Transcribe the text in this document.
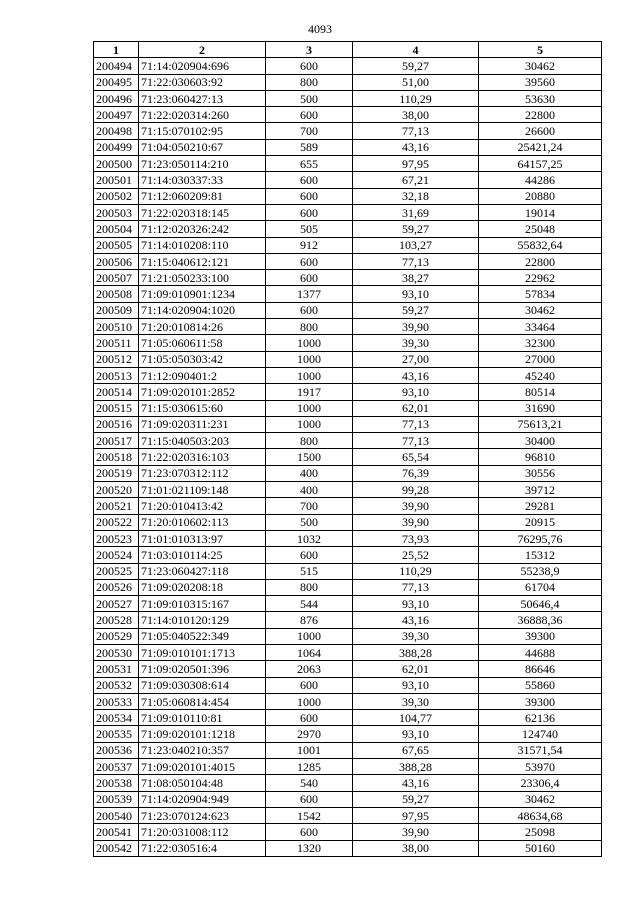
4093
1	2	3	4	5
200494	71:14:020904:696	600	59,27	30462
200495	71:22:030603:92	800	51,00	39560
200496	71:23:060427:13	500	110,29	53630
200497	71:22:020314:260	600	38,00	22800
200498	71:15:070102:95	700	77,13	26600
200499	71:04:050210:67	589	43,16	25421,24
200500	71:23:050114:210	655	97,95	64157,25
200501	71:14:030337:33	600	67,21	44286
200502	71:12:060209:81	600	32,18	20880
200503	71:22:020318:145	600	31,69	19014
200504	71:12:020326:242	505	59,27	25048
200505	71:14:010208:110	912	103,27	55832,64
200506	71:15:040612:121	600	77,13	22800
200507	71:21:050233:100	600	38,27	22962
200508	71:09:010901:1234	1377	93,10	57834
200509	71:14:020904:1020	600	59,27	30462
200510	71:20:010814:26	800	39,90	33464
200511	71:05:060611:58	1000	39,30	32300
200512	71:05:050303:42	1000	27,00	27000
200513	71:12:090401:2	1000	43,16	45240
200514	71:09:020101:2852	1917	93,10	80514
200515	71:15:030615:60	1000	62,01	31690
200516	71:09:020311:231	1000	77,13	75613,21
200517	71:15:040503:203	800	77,13	30400
200518	71:22:020316:103	1500	65,54	96810
200519	71:23:070312:112	400	76,39	30556
200520	71:01:021109:148	400	99,28	39712
200521	71:20:010413:42	700	39,90	29281
200522	71:20:010602:113	500	39,90	20915
200523	71:01:010313:97	1032	73,93	76295,76
200524	71:03:010114:25	600	25,52	15312
200525	71:23:060427:118	515	110,29	55238,9
200526	71:09:020208:18	800	77,13	61704
200527	71:09:010315:167	544	93,10	50646,4
200528	71:14:010120:129	876	43,16	36888,36
200529	71:05:040522:349	1000	39,30	39300
200530	71:09:010101:1713	1064	388,28	44688
200531	71:09:020501:396	2063	62,01	86646
200532	71:09:030308:614	600	93,10	55860
200533	71:05:060814:454	1000	39,30	39300
200534	71:09:010110:81	600	104,77	62136
200535	71:09:020101:1218	2970	93,10	124740
200536	71:23:040210:357	1001	67,65	31571,54
200537	71:09:020101:4015	1285	388,28	53970
200538	71:08:050104:48	540	43,16	23306,4
200539	71:14:020904:949	600	59,27	30462
200540	71:23:070124:623	1542	97,95	48634,68
200541	71:20:031008:112	600	39,90	25098
200542	71:22:030516:4	1320	38,00	50160
